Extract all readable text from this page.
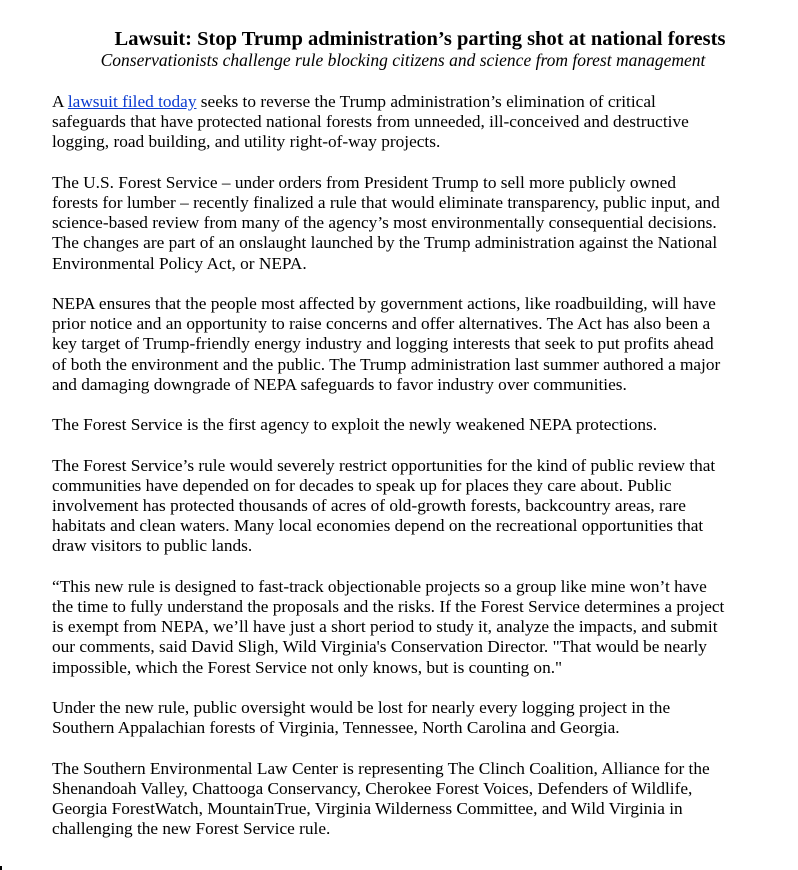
Lawsuit: Stop Trump administration’s parting shot at national forests
Conservationists challenge rule blocking citizens and science from forest management

A lawsuit filed today seeks to reverse the Trump administration’s elimination of critical
safeguards that have protected national forests from unneeded, ill-conceived and destructive
logging, road building, and utility right-of-way projects.

The U.S. Forest Service – under orders from President Trump to sell more publicly owned
forests for lumber – recently finalized a rule that would eliminate transparency, public input, and
science-based review from many of the agency’s most environmentally consequential decisions.
The changes are part of an onslaught launched by the Trump administration against the National
Environmental Policy Act, or NEPA.

NEPA ensures that the people most affected by government actions, like roadbuilding, will have
prior notice and an opportunity to raise concerns and offer alternatives. The Act has also been a
key target of Trump-friendly energy industry and logging interests that seek to put profits ahead
of both the environment and the public. The Trump administration last summer authored a major
and damaging downgrade of NEPA safeguards to favor industry over communities.

The Forest Service is the first agency to exploit the newly weakened NEPA protections.

The Forest Service’s rule would severely restrict opportunities for the kind of public review that
communities have depended on for decades to speak up for places they care about. Public
involvement has protected thousands of acres of old-growth forests, backcountry areas, rare
habitats and clean waters. Many local economies depend on the recreational opportunities that
draw visitors to public lands.

“This new rule is designed to fast-track objectionable projects so a group like mine won’t have
the time to fully understand the proposals and the risks. If the Forest Service determines a project
is exempt from NEPA, we’ll have just a short period to study it, analyze the impacts, and submit
our comments, said David Sligh, Wild Virginia's Conservation Director. "That would be nearly
impossible, which the Forest Service not only knows, but is counting on."

Under the new rule, public oversight would be lost for nearly every logging project in the
Southern Appalachian forests of Virginia, Tennessee, North Carolina and Georgia.

The Southern Environmental Law Center is representing The Clinch Coalition, Alliance for the
Shenandoah Valley, Chattooga Conservancy, Cherokee Forest Voices, Defenders of Wildlife,
Georgia ForestWatch, MountainTrue, Virginia Wilderness Committee, and Wild Virginia in
challenging the new Forest Service rule.
